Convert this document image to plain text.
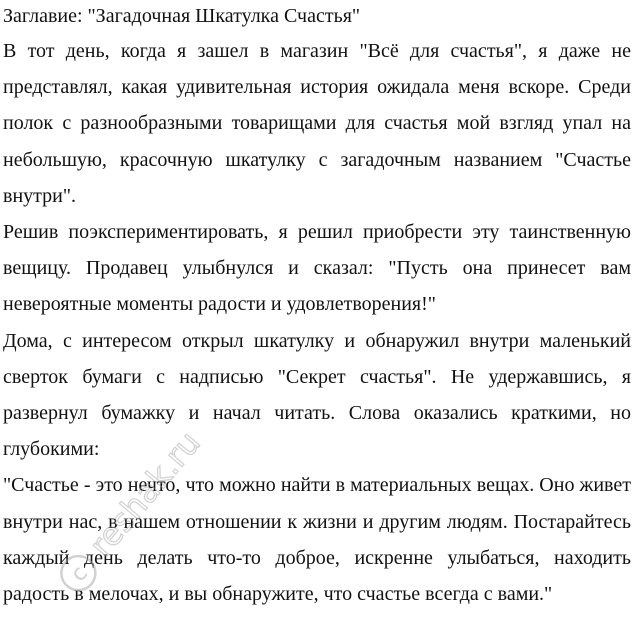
Заглавие: "Загадочная Шкатулка Счастья"

В тот день, когда я зашел в магазин "Всё для счастья", я даже не представлял, какая удивительная история ожидала меня вскоре. Среди полок с разнообразными товарищами для счастья мой взгляд упал на небольшую, красочную шкатулку с загадочным названием "Счастье внутри".

Решив поэкспериментировать, я решил приобрести эту таинственную вещицу. Продавец улыбнулся и сказал: "Пусть она принесет вам невероятные моменты радости и удовлетворения!"

Дома, с интересом открыл шкатулку и обнаружил внутри маленький сверток бумаги с надписью "Секрет счастья". Не удержавшись, я развернул бумажку и начал читать. Слова оказались краткими, но глубокими:

"Счастье - это нечто, что можно найти в материальных вещах. Оно живет внутри нас, в нашем отношении к жизни и другим людям. Постарайтесь каждый день делать что-то доброе, искренне улыбаться, находить радость в мелочах, и вы обнаружите, что счастье всегда с вами."

c
reshak.ru
